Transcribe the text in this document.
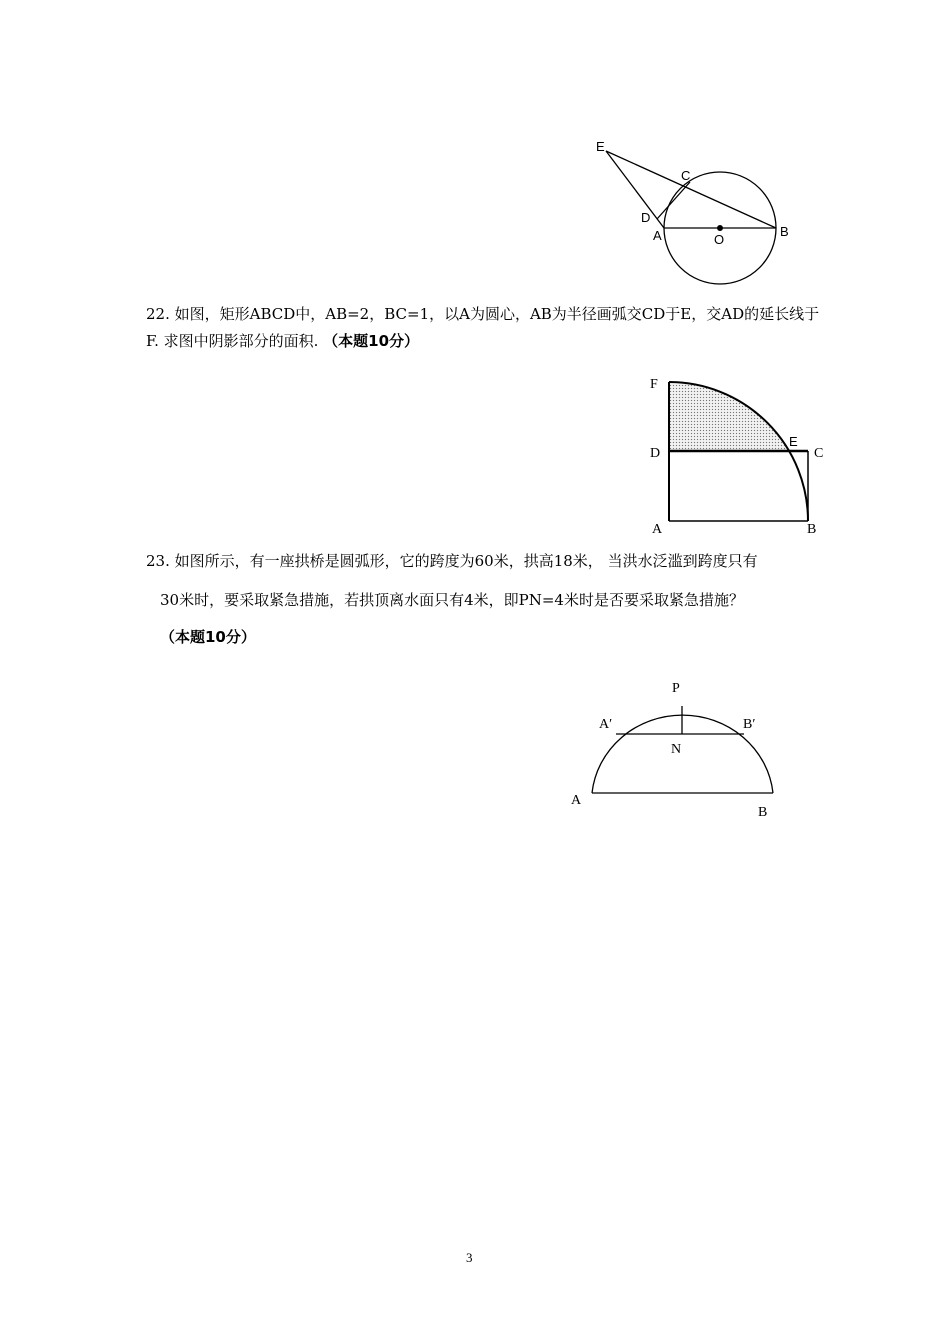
E
C
D
A	O
B
22. 如图，矩形ABCD中，AB=2，BC=1，以A为圆心，AB为半径画弧交CD于E，交AD的延长线于
F. 求图中阴影部分的面积. （本题10分）
F
D
E
C
A	B
23. 如图所示，有一座拱桥是圆弧形，它的跨度为60米，拱高18米， 当洪水泛滥到跨度只有
30米时，要采取紧急措施，若拱顶离水面只有4米，即PN=4米时是否要采取紧急措施？
（本题10分）
P
A′	B′
N
A
B
3
